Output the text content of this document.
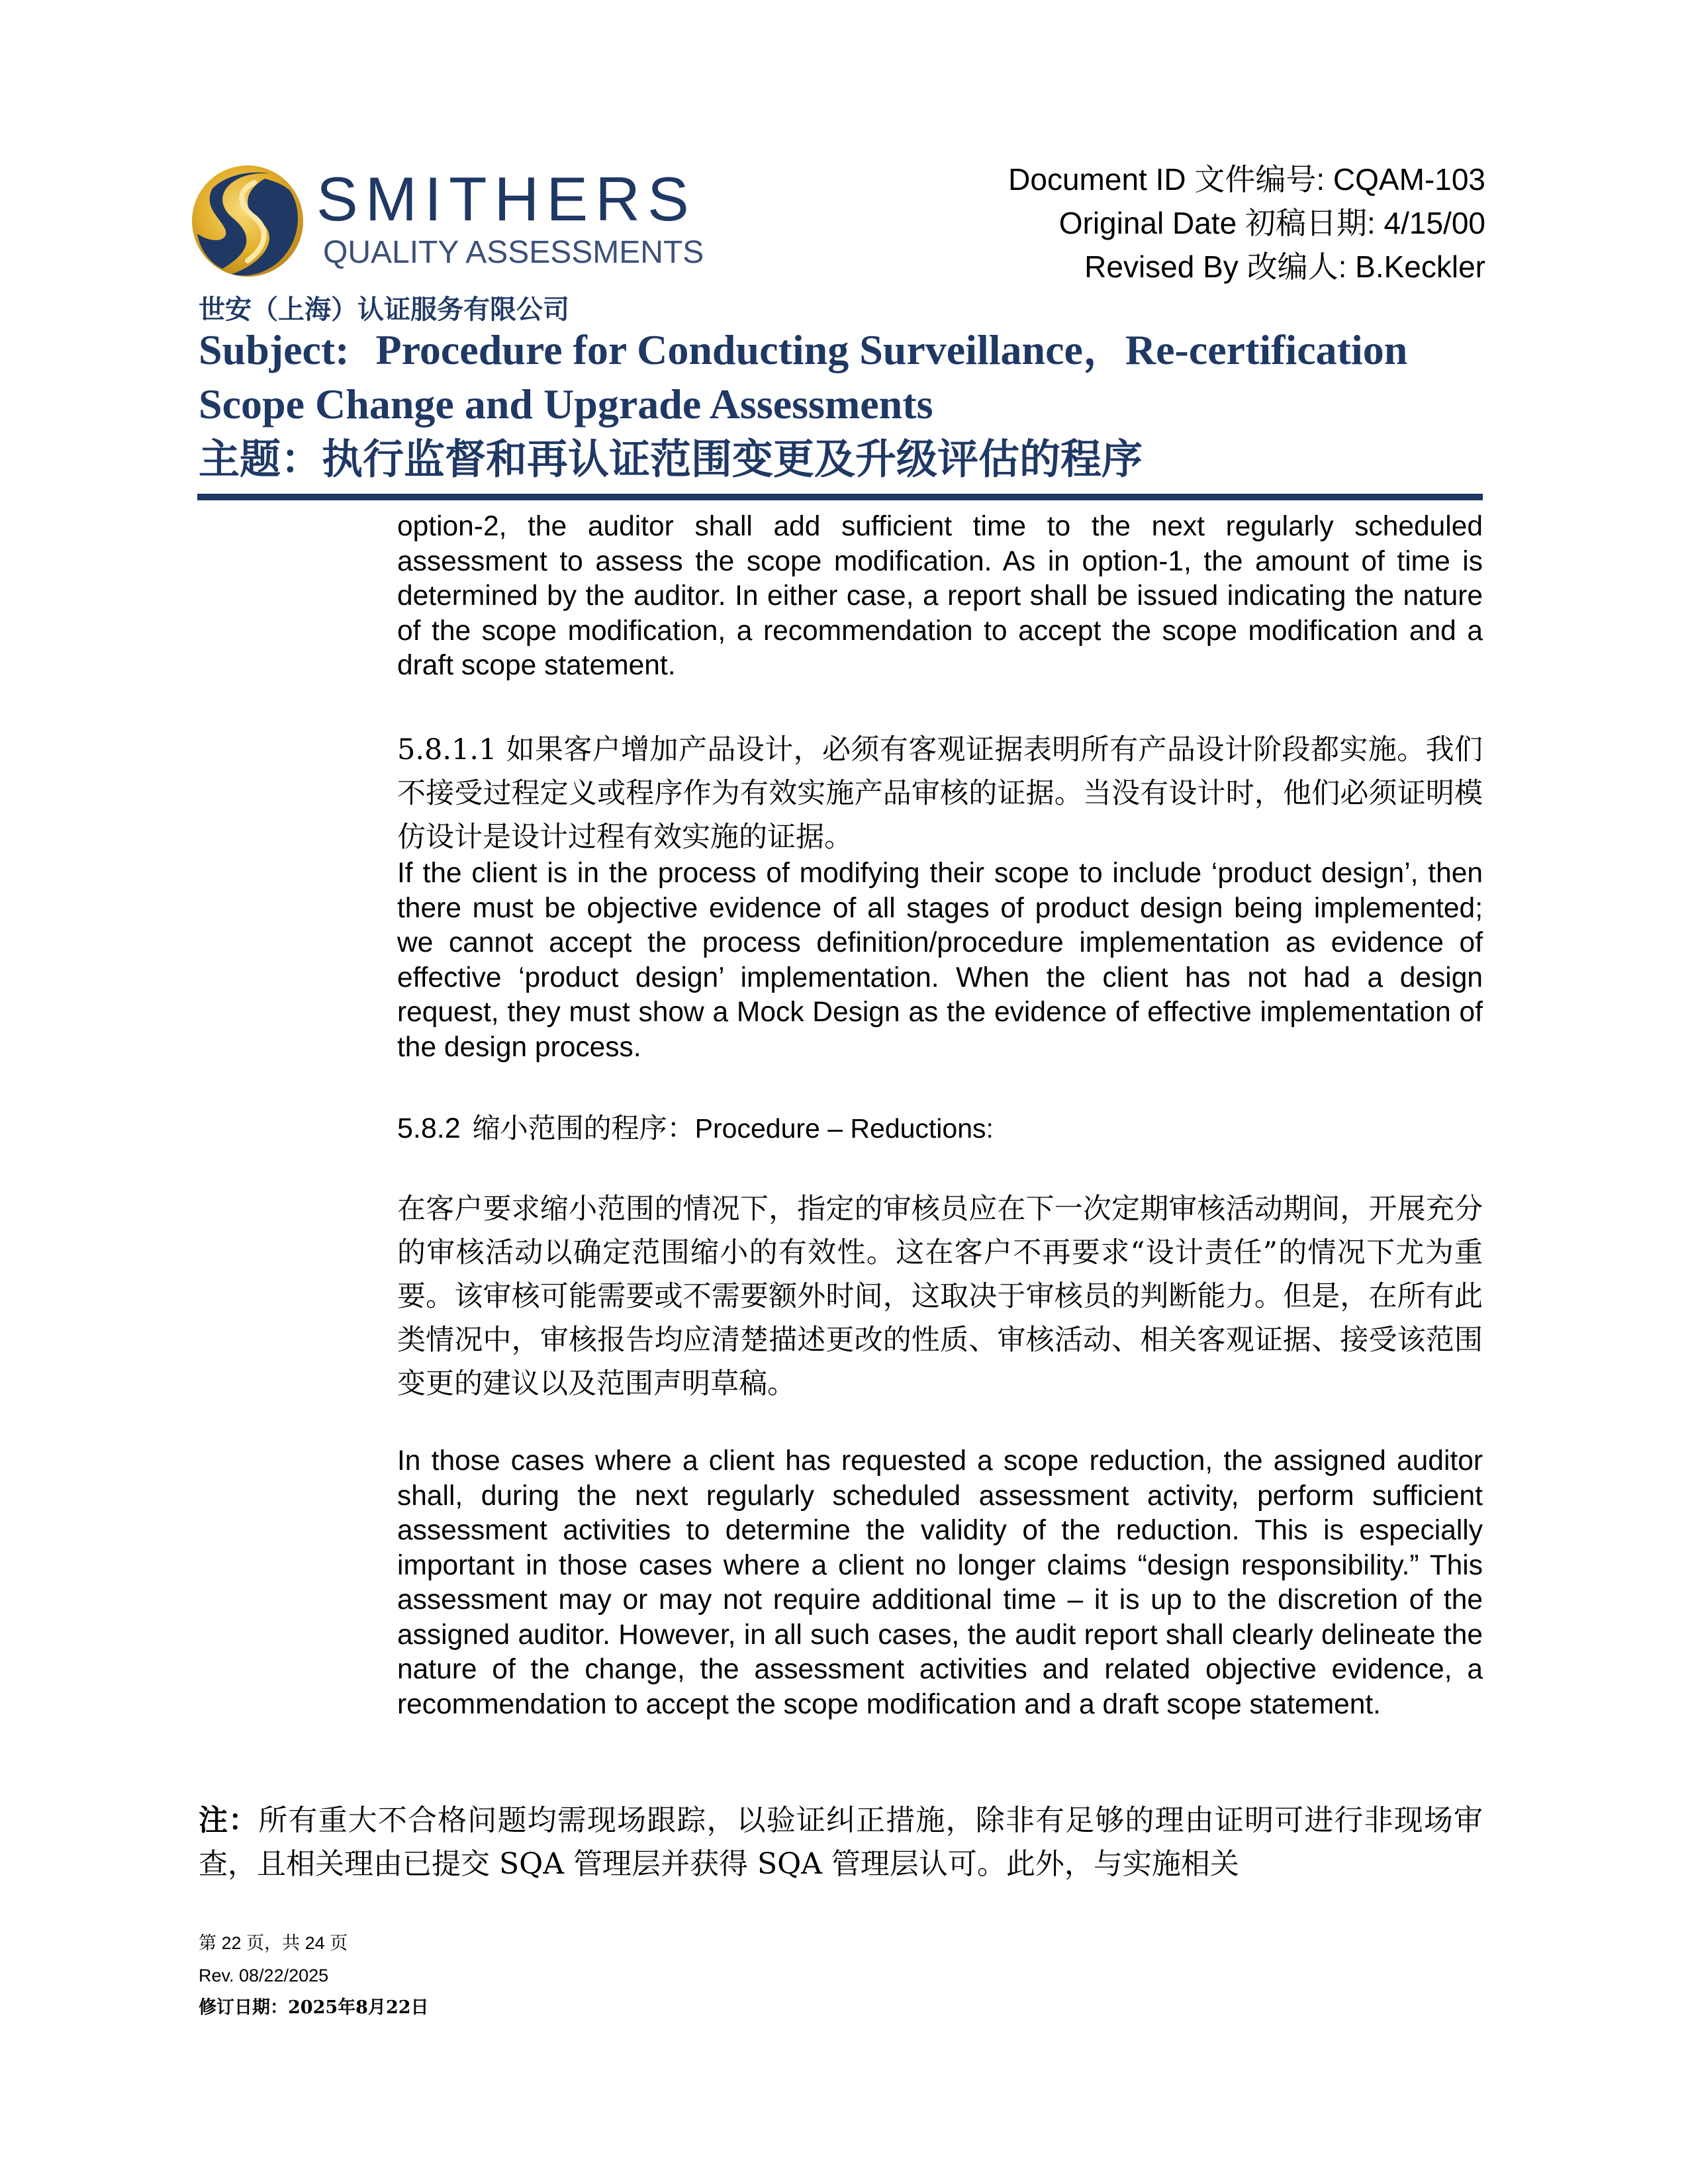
SMITHERS
QUALITY ASSESSMENTS
世安（上海）认证服务有限公司
Document ID 文件编号: CQAM-103
Original Date 初稿日期: 4/15/00
Revised By 改编人: B.Keckler
Subject: Procedure for Conducting Surveillance，Re-certification
Scope Change and Upgrade Assessments
主题：执行监督和再认证范围变更及升级评估的程序
option-2, the auditor shall add sufficient time to the next regularly scheduled assessment to assess the scope modification. As in option-1, the amount of time is determined by the auditor. In either case, a report shall be issued indicating the nature of the scope modification, a recommendation to accept the scope modification and a draft scope statement.
5.8.1.1 如果客户增加产品设计，必须有客观证据表明所有产品设计阶段都实施。我们不接受过程定义或程序作为有效实施产品审核的证据。当没有设计时，他们必须证明模仿设计是设计过程有效实施的证据。
If the client is in the process of modifying their scope to include ‘product design’, then there must be objective evidence of all stages of product design being implemented; we cannot accept the process definition/procedure implementation as evidence of effective ‘product design’ implementation. When the client has not had a design request, they must show a Mock Design as the evidence of effective implementation of the design process.
5.8.2 缩小范围的程序：Procedure – Reductions:
在客户要求缩小范围的情况下，指定的审核员应在下一次定期审核活动期间，开展充分的审核活动以确定范围缩小的有效性。这在客户不再要求“设计责任”的情况下尤为重要。该审核可能需要或不需要额外时间，这取决于审核员的判断能力。但是，在所有此类情况中，审核报告均应清楚描述更改的性质、审核活动、相关客观证据、接受该范围变更的建议以及范围声明草稿。
In those cases where a client has requested a scope reduction, the assigned auditor shall, during the next regularly scheduled assessment activity, perform sufficient assessment activities to determine the validity of the reduction. This is especially important in those cases where a client no longer claims “design responsibility.” This assessment may or may not require additional time – it is up to the discretion of the assigned auditor. However, in all such cases, the audit report shall clearly delineate the nature of the change, the assessment activities and related objective evidence, a recommendation to accept the scope modification and a draft scope statement.
注：所有重大不合格问题均需现场跟踪，以验证纠正措施，除非有足够的理由证明可进行非现场审查，且相关理由已提交 SQA 管理层并获得 SQA 管理层认可。此外，与实施相关
第 22 页，共 24 页
Rev. 08/22/2025
修订日期：2025年8月22日
